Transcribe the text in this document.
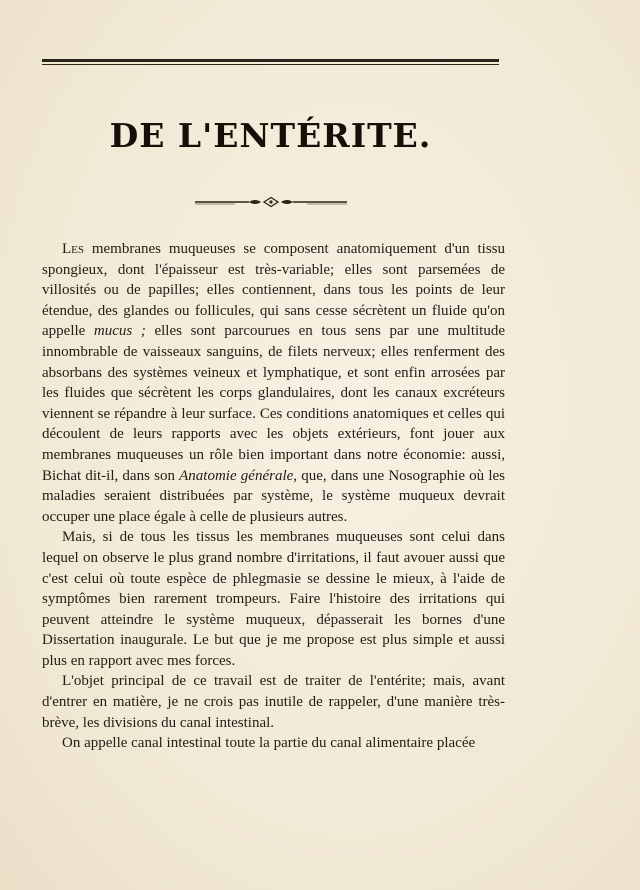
DE L'ENTÉRITE.

Les membranes muqueuses se composent anatomiquement d'un tissu spongieux, dont l'épaisseur est très-variable; elles sont parsemées de villosités ou de papilles; elles contiennent, dans tous les points de leur étendue, des glandes ou follicules, qui sans cesse sécrètent un fluide qu'on appelle mucus ; elles sont parcourues en tous sens par une multitude innombrable de vaisseaux sanguins, de filets nerveux; elles renferment des absorbans des systèmes veineux et lymphatique, et sont enfin arrosées par les fluides que sécrètent les corps glandulaires, dont les canaux excréteurs viennent se répandre à leur surface. Ces conditions anatomiques et celles qui découlent de leurs rapports avec les objets extérieurs, font jouer aux membranes muqueuses un rôle bien important dans notre économie: aussi, Bichat dit-il, dans son Anatomie générale, que, dans une Nosographie où les maladies seraient distribuées par système, le système muqueux devrait occuper une place égale à celle de plusieurs autres.

Mais, si de tous les tissus les membranes muqueuses sont celui dans lequel on observe le plus grand nombre d'irritations, il faut avouer aussi que c'est celui où toute espèce de phlegmasie se dessine le mieux, à l'aide de symptômes bien rarement trompeurs. Faire l'histoire des irritations qui peuvent atteindre le système muqueux, dépasserait les bornes d'une Dissertation inaugurale. Le but que je me propose est plus simple et aussi plus en rapport avec mes forces.

L'objet principal de ce travail est de traiter de l'entérite; mais, avant d'entrer en matière, je ne crois pas inutile de rappeler, d'une manière très-brève, les divisions du canal intestinal.

On appelle canal intestinal toute la partie du canal alimentaire placée
